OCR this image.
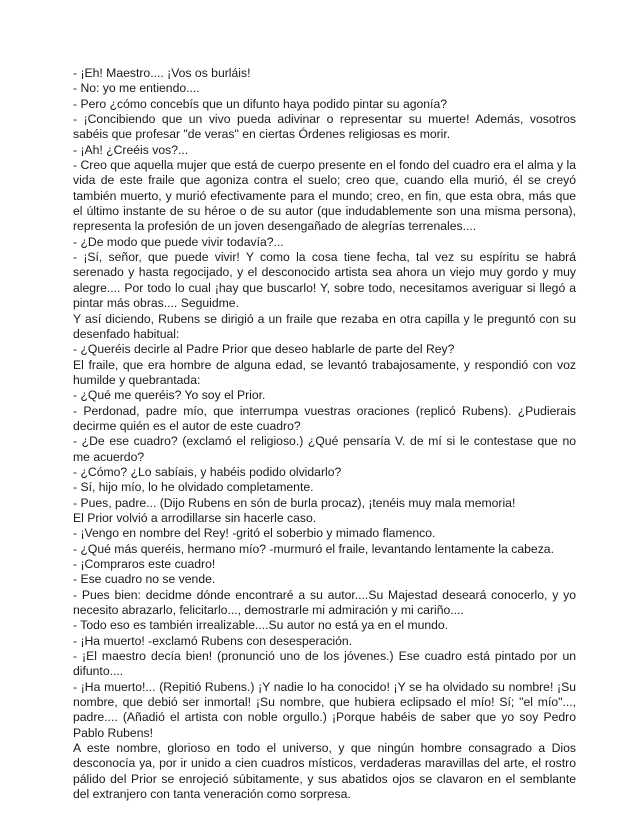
- ¡Eh! Maestro.... ¡Vos os burláis!

- No: yo me entiendo....

- Pero ¿cómo concebís que un difunto haya podido pintar su agonía?

- ¡Concibiendo que un vivo pueda adivinar o representar su muerte! Además, vosotros sabéis que profesar "de veras" en ciertas Órdenes religiosas es morir.

- ¡Ah! ¿Creéis vos?...

- Creo que aquella mujer que está de cuerpo presente en el fondo del cuadro era el alma y la vida de este fraile que agoniza contra el suelo; creo que, cuando ella murió, él se creyó también muerto, y murió efectivamente para el mundo; creo, en fin, que esta obra, más que el último instante de su héroe o de su autor (que indudablemente son una misma persona), representa la profesión de un joven desengañado de alegrías terrenales....

- ¿De modo que puede vivir todavía?...

- ¡Sí, señor, que puede vivir! Y como la cosa tiene fecha, tal vez su espíritu se habrá serenado y hasta regocijado, y el desconocido artista sea ahora un viejo muy gordo y muy alegre.... Por todo lo cual ¡hay que buscarlo! Y, sobre todo, necesitamos averiguar si llegó a pintar más obras.... Seguidme.

Y así diciendo, Rubens se dirigió a un fraile que rezaba en otra capilla y le preguntó con su desenfado habitual:

- ¿Queréis decirle al Padre Prior que deseo hablarle de parte del Rey?

El fraile, que era hombre de alguna edad, se levantó trabajosamente, y respondió con voz humilde y quebrantada:

- ¿Qué me queréis? Yo soy el Prior.

- Perdonad, padre mío, que interrumpa vuestras oraciones (replicó Rubens). ¿Pudierais decirme quién es el autor de este cuadro?

- ¿De ese cuadro? (exclamó el religioso.) ¿Qué pensaría V. de mí si le contestase que no me acuerdo?

- ¿Cómo? ¿Lo sabíais, y habéis podido olvidarlo?

- Sí, hijo mío, lo he olvidado completamente.

- Pues, padre... (Dijo Rubens en són de burla procaz), ¡tenéis muy mala memoria!

El Prior volvió a arrodillarse sin hacerle caso.

- ¡Vengo en nombre del Rey! -gritó el soberbio y mimado flamenco.

- ¿Qué más queréis, hermano mío? -murmuró el fraile, levantando lentamente la cabeza.

- ¡Compraros este cuadro!

- Ese cuadro no se vende.

- Pues bien: decidme dónde encontraré a su autor....Su Majestad deseará conocerlo, y yo necesito abrazarlo, felicitarlo..., demostrarle mi admiración y mi cariño....

- Todo eso es también irrealizable....Su autor no está ya en el mundo.

- ¡Ha muerto! -exclamó Rubens con desesperación.

- ¡El maestro decía bien! (pronunció uno de los jóvenes.) Ese cuadro está pintado por un difunto....

- ¡Ha muerto!... (Repitió Rubens.) ¡Y nadie lo ha conocido! ¡Y se ha olvidado su nombre! ¡Su nombre, que debió ser inmortal! ¡Su nombre, que hubiera eclipsado el mío! Sí; "el mío"..., padre.... (Añadió el artista con noble orgullo.) ¡Porque habéis de saber que yo soy Pedro Pablo Rubens!

A este nombre, glorioso en todo el universo, y que ningún hombre consagrado a Dios desconocía ya, por ir unido a cien cuadros místicos, verdaderas maravillas del arte, el rostro pálido del Prior se enrojeció súbitamente, y sus abatidos ojos se clavaron en el semblante del extranjero con tanta veneración como sorpresa.
